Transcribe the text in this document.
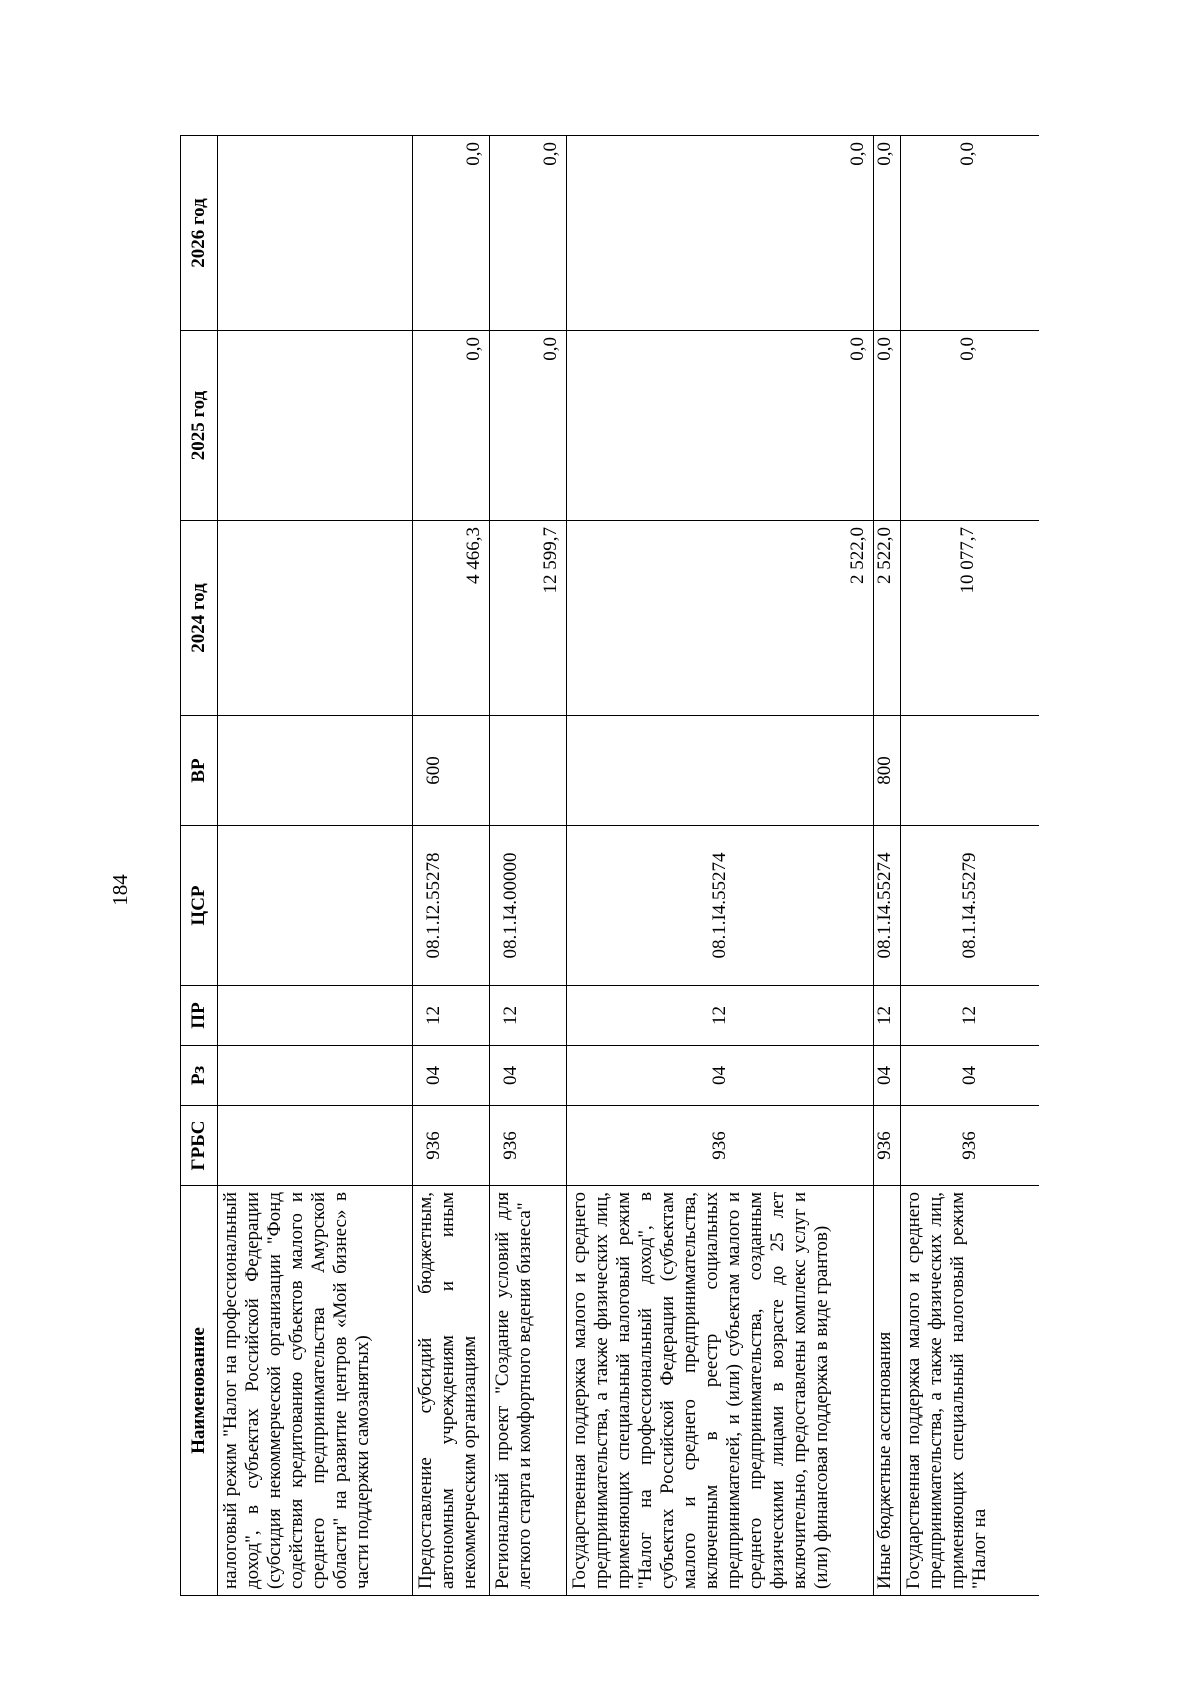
184
Наименование	ГРБС	Рз	ПР	ЦСР	ВР	2024 год	2025 год	2026 год
налоговый режим "Налог на профессиональный доход", в субъектах Российской Федерации (субсидия некоммерческой организации "Фонд содействия кредитованию субъектов малого и среднего предпринимательства Амурской области" на развитие центров «Мой бизнес» в части поддержки самозанятых)								
Предоставление субсидий бюджетным, автономным учреждениям и иным некоммерческим организациям	936	04	12	08.1.I2.55278	600	4 466,3	0,0	0,0
Региональный проект "Создание условий для легкого старта и комфортного ведения бизнеса"	936	04	12	08.1.I4.00000		12 599,7	0,0	0,0
Государственная поддержка малого и среднего предпринимательства, а также физических лиц, применяющих специальный налоговый режим "Налог на профессиональный доход", в субъектах Российской Федерации (субъектам малого и среднего предпринимательства, включенным в реестр социальных предпринимателей, и (или) субъектам малого и среднего предпринимательства, созданным физическими лицами в возрасте до 25 лет включительно, предоставлены комплекс услуг и (или) финансовая поддержка в виде грантов)	936	04	12	08.1.I4.55274		2 522,0	0,0	0,0
Иные бюджетные ассигнования	936	04	12	08.1.I4.55274	800	2 522,0	0,0	0,0
Государственная поддержка малого и среднего предпринимательства, а также физических лиц, применяющих специальный налоговый режим "Налог на	936	04	12	08.1.I4.55279		10 077,7	0,0	0,0
